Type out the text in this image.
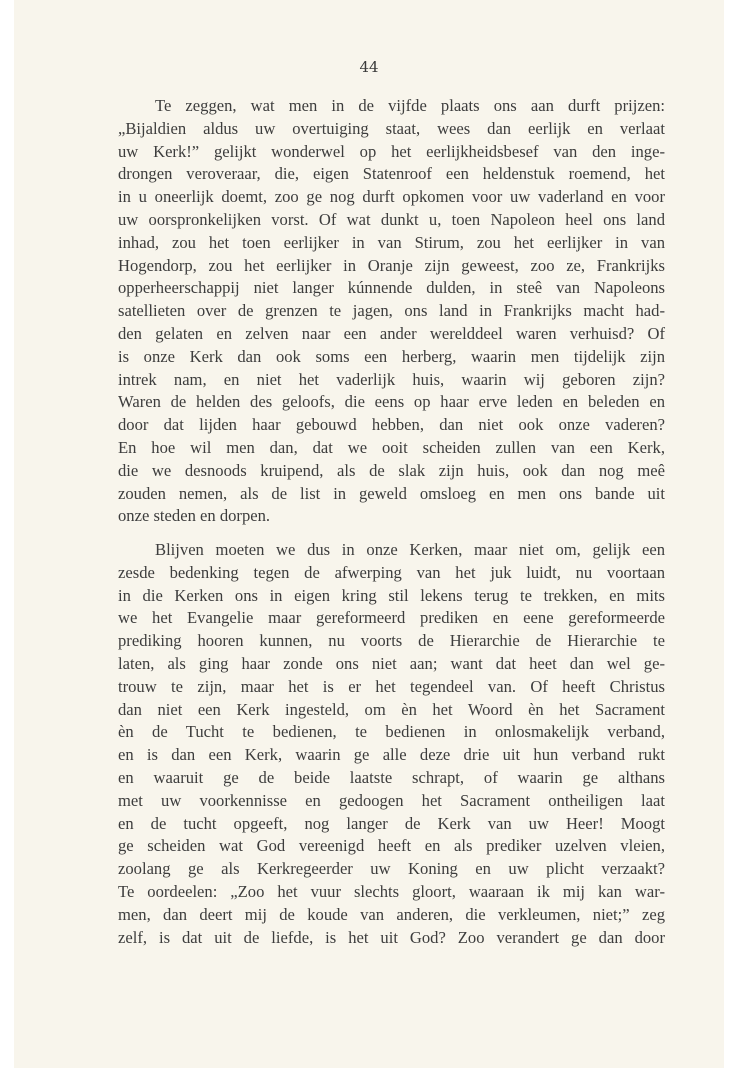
44
Te zeggen, wat men in de vijfde plaats ons aan durft prijzen:
„Bijaldien aldus uw overtuiging staat, wees dan eerlijk en verlaat
uw Kerk!” gelijkt wonderwel op het eerlijkheidsbesef van den inge-
drongen veroveraar, die, eigen Statenroof een heldenstuk roemend, het
in u oneerlijk doemt, zoo ge nog durft opkomen voor uw vaderland en voor
uw oorspronkelijken vorst. Of wat dunkt u, toen Napoleon heel ons land
inhad, zou het toen eerlijker in van Stirum, zou het eerlijker in van
Hogendorp, zou het eerlijker in Oranje zijn geweest, zoo ze, Frankrijks
opperheerschappij niet langer kúnnende dulden, in steê van Napoleons
satellieten over de grenzen te jagen, ons land in Frankrijks macht had-
den gelaten en zelven naar een ander werelddeel waren verhuisd? Of
is onze Kerk dan ook soms een herberg, waarin men tijdelijk zijn
intrek nam, en niet het vaderlijk huis, waarin wij geboren zijn?
Waren de helden des geloofs, die eens op haar erve leden en beleden en
door dat lijden haar gebouwd hebben, dan niet ook onze vaderen?
En hoe wil men dan, dat we ooit scheiden zullen van een Kerk,
die we desnoods kruipend, als de slak zijn huis, ook dan nog meê
zouden nemen, als de list in geweld omsloeg en men ons bande uit
onze steden en dorpen.
Blijven moeten we dus in onze Kerken, maar niet om, gelijk een
zesde bedenking tegen de afwerping van het juk luidt, nu voortaan
in die Kerken ons in eigen kring stil lekens terug te trekken, en mits
we het Evangelie maar gereformeerd prediken en eene gereformeerde
prediking hooren kunnen, nu voorts de Hierarchie de Hierarchie te
laten, als ging haar zonde ons niet aan; want dat heet dan wel ge-
trouw te zijn, maar het is er het tegendeel van. Of heeft Christus
dan niet een Kerk ingesteld, om èn het Woord èn het Sacrament
èn de Tucht te bedienen, te bedienen in onlosmakelijk verband,
en is dan een Kerk, waarin ge alle deze drie uit hun verband rukt
en waaruit ge de beide laatste schrapt, of waarin ge althans
met uw voorkennisse en gedoogen het Sacrament ontheiligen laat
en de tucht opgeeft, nog langer de Kerk van uw Heer! Moogt
ge scheiden wat God vereenigd heeft en als prediker uzelven vleien,
zoolang ge als Kerkregeerder uw Koning en uw plicht verzaakt?
Te oordeelen: „Zoo het vuur slechts gloort, waaraan ik mij kan war-
men, dan deert mij de koude van anderen, die verkleumen, niet;” zeg
zelf, is dat uit de liefde, is het uit God? Zoo verandert ge dan door
